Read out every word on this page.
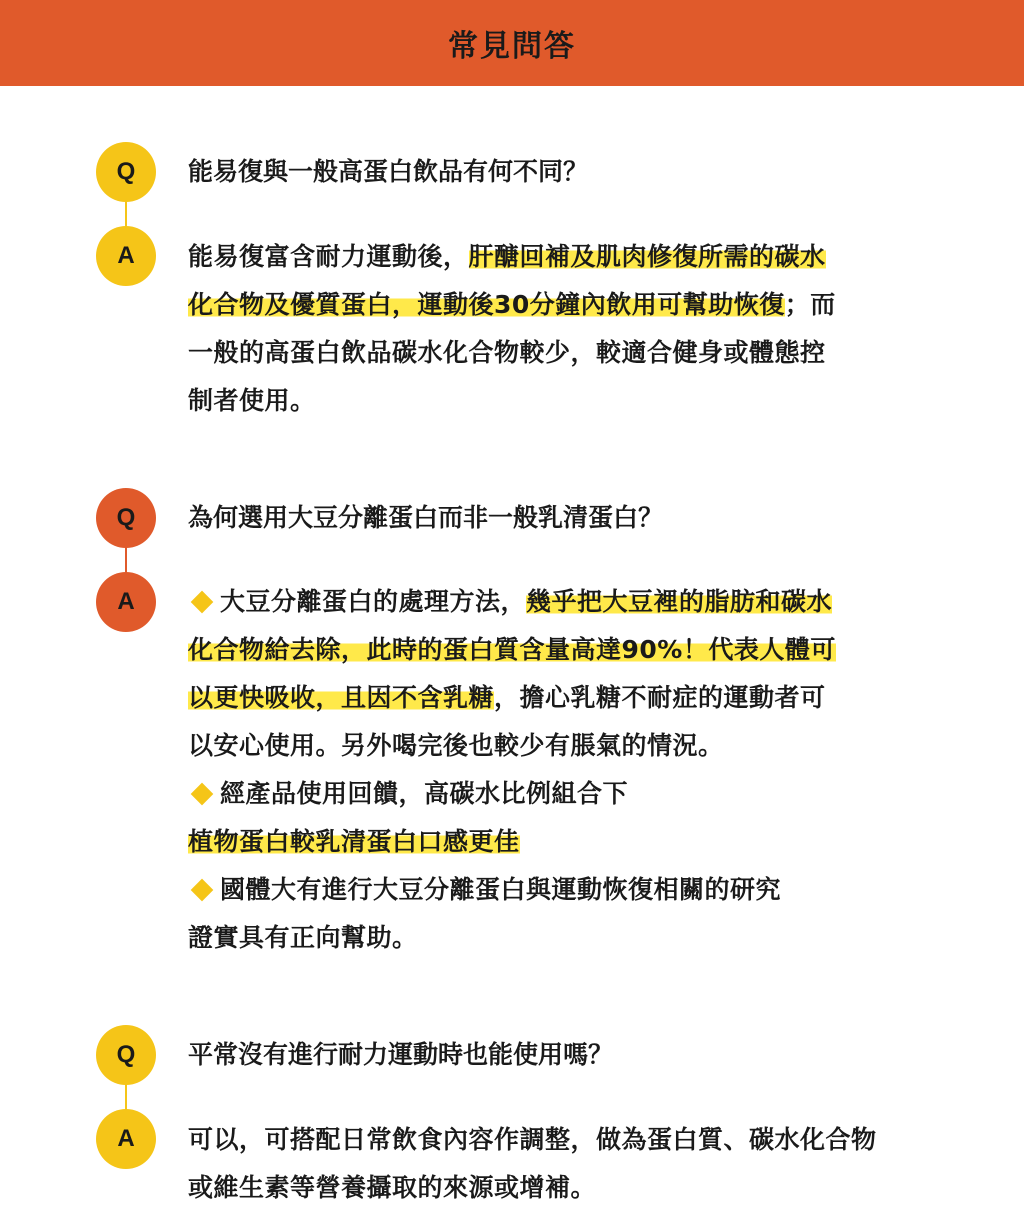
常見問答
Q	能易復與一般高蛋白飲品有何不同？

A	能易復富含耐力運動後，肝醣回補及肌肉修復所需的碳水
化合物及優質蛋白，運動後30分鐘內飲用可幫助恢復；而
一般的高蛋白飲品碳水化合物較少，較適合健身或體態控
制者使用。
Q	為何選用大豆分離蛋白而非一般乳清蛋白？

A	大豆分離蛋白的處理方法，幾乎把大豆裡的脂肪和碳水
化合物給去除，此時的蛋白質含量高達90%！代表人體可
以更快吸收，且因不含乳糖，擔心乳糖不耐症的運動者可
以安心使用。另外喝完後也較少有脹氣的情況。
經產品使用回饋，高碳水比例組合下
植物蛋白較乳清蛋白口感更佳
國體大有進行大豆分離蛋白與運動恢復相關的研究
證實具有正向幫助。
Q	平常沒有進行耐力運動時也能使用嗎？

A	可以，可搭配日常飲食內容作調整，做為蛋白質、碳水化合物
或維生素等營養攝取的來源或增補。
